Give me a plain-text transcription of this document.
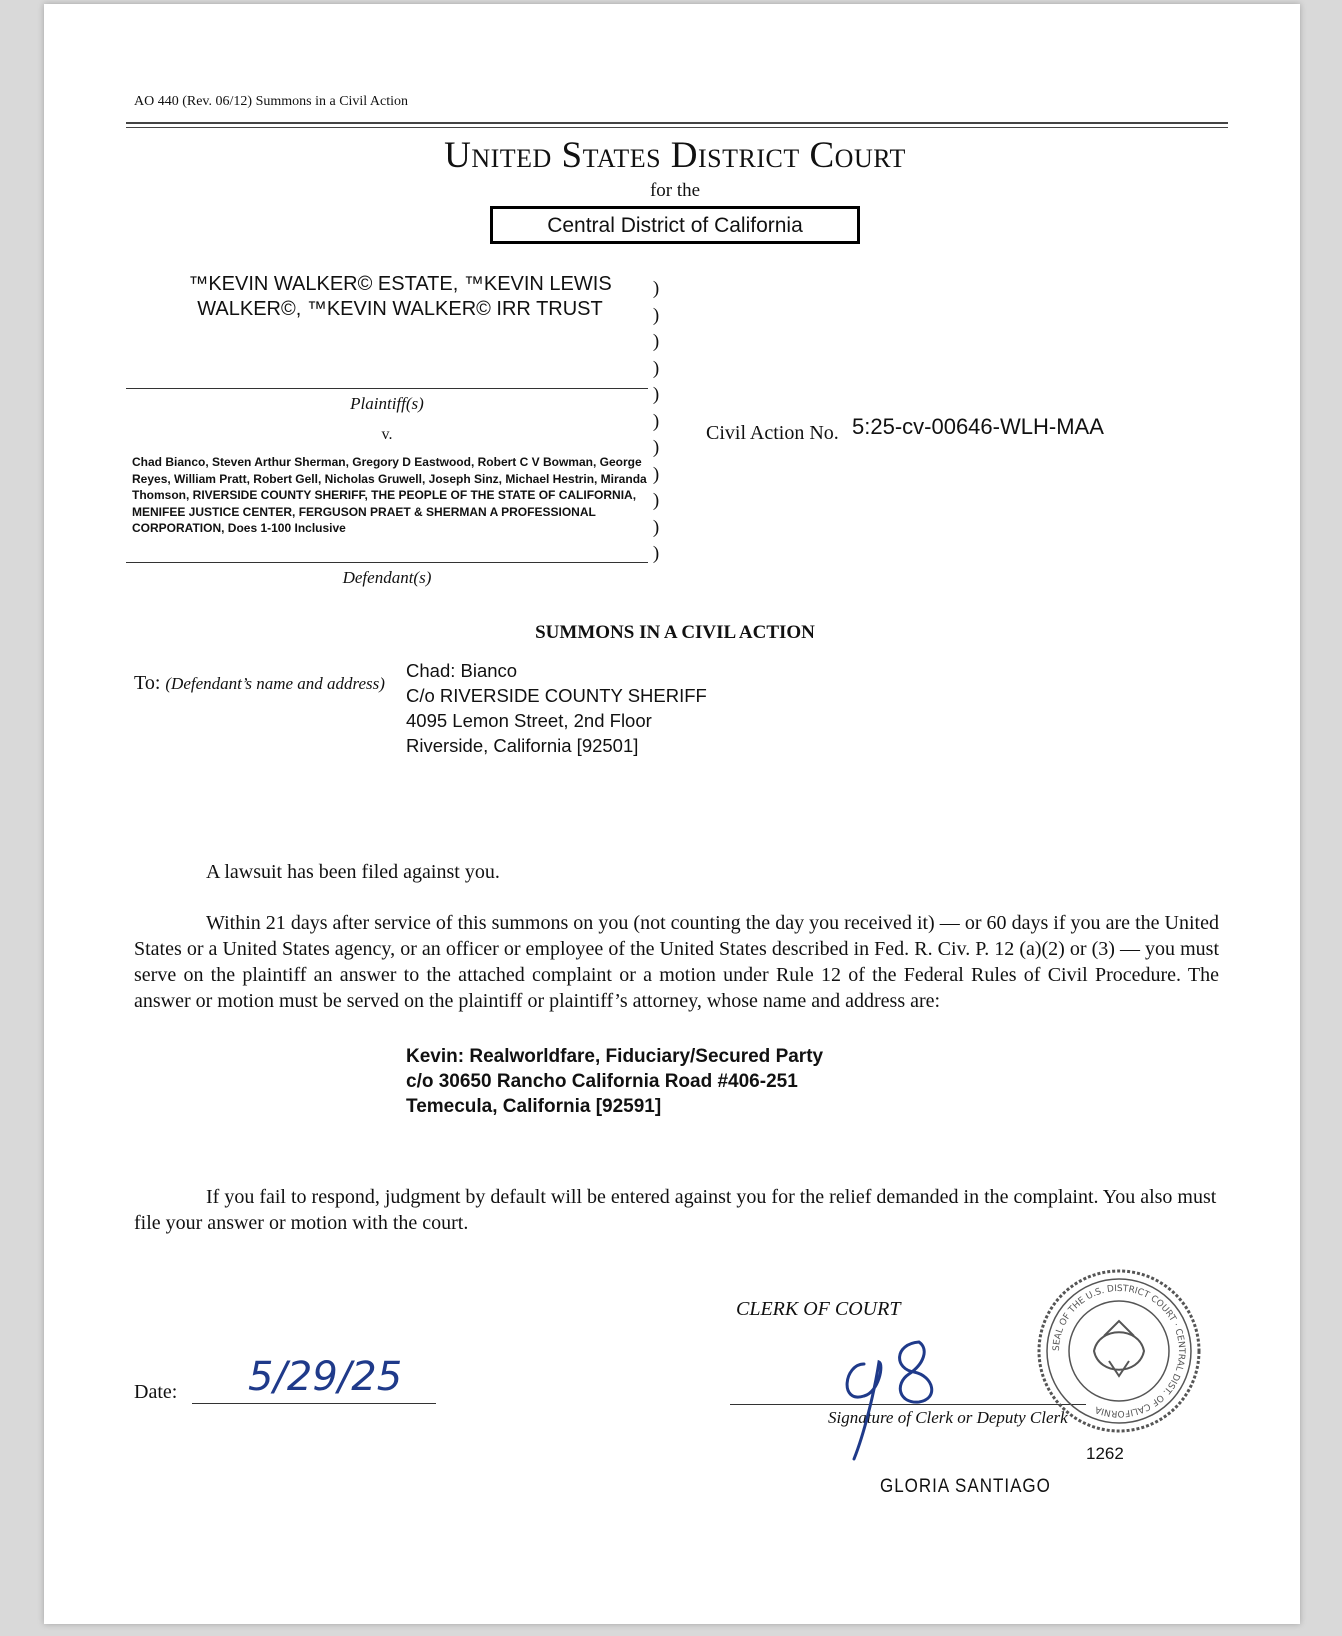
AO 440 (Rev. 06/12) Summons in a Civil Action
United States District Court
for the
Central District of California
™KEVIN WALKER© ESTATE, ™KEVIN LEWIS WALKER©, ™KEVIN WALKER© IRR TRUST
Plaintiff(s)
v.
Chad Bianco, Steven Arthur Sherman, Gregory D Eastwood, Robert C V Bowman, George Reyes, William Pratt, Robert Gell, Nicholas Gruwell, Joseph Sinz, Michael Hestrin, Miranda Thomson, RIVERSIDE COUNTY SHERIFF, THE PEOPLE OF THE STATE OF CALIFORNIA, MENIFEE JUSTICE CENTER, FERGUSON PRAET & SHERMAN A PROFESSIONAL CORPORATION, Does 1-100 Inclusive
Defendant(s)
)
)
)
)
)
)
)
)
)
)
)
Civil Action No. 5:25-cv-00646-WLH-MAA
SUMMONS IN A CIVIL ACTION
To: (Defendant’s name and address)
Chad: Bianco
C/o RIVERSIDE COUNTY SHERIFF
4095 Lemon Street, 2nd Floor
Riverside, California [92501]
A lawsuit has been filed against you.
Within 21 days after service of this summons on you (not counting the day you received it) — or 60 days if you are the United States or a United States agency, or an officer or employee of the United States described in Fed. R. Civ. P. 12 (a)(2) or (3) — you must serve on the plaintiff an answer to the attached complaint or a motion under Rule 12 of the Federal Rules of Civil Procedure. The answer or motion must be served on the plaintiff or plaintiff’s attorney, whose name and address are:
Kevin: Realworldfare, Fiduciary/Secured Party
c/o 30650 Rancho California Road #406-251
Temecula, California [92591]
If you fail to respond, judgment by default will be entered against you for the relief demanded in the complaint. You also must file your answer or motion with the court.
CLERK OF COURT
Date: 5/29/25
Signature of Clerk or Deputy Clerk
SEAL OF THE U.S. DISTRICT COURT · CENTRAL DIST. OF CALIFORNIA
1262
GLORIA SANTIAGO
